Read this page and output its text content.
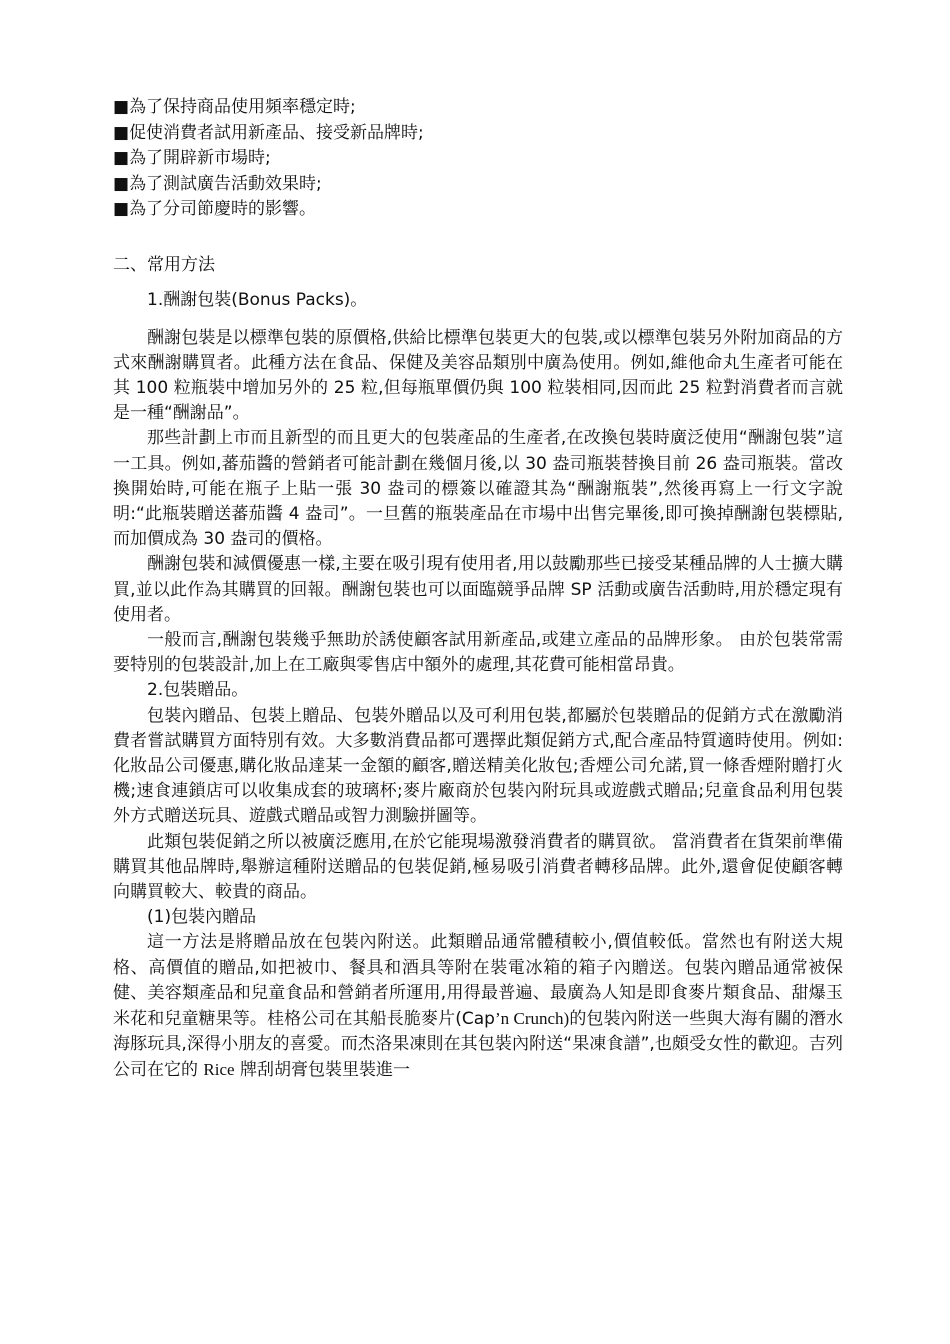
■為了保持商品使用頻率穩定時;

■促使消費者試用新產品、接受新品牌時;

■為了開辟新市場時;

■為了測試廣告活動效果時;

■為了分司節慶時的影響。

二、常用方法

1.酬謝包裝(Bonus Packs)。

酬謝包裝是以標準包裝的原價格,供給比標準包裝更大的包裝,或以標準包裝另外附加商品的方式來酬謝購買者。此種方法在食品、保健及美容品類別中廣為使用。例如,維他命丸生產者可能在其 100 粒瓶裝中增加另外的 25 粒,但每瓶單價仍與 100 粒裝相同,因而此 25 粒對消費者而言就是一種“酬謝品”。

那些計劃上市而且新型的而且更大的包裝產品的生產者,在改換包裝時廣泛使用“酬謝包裝”這一工具。例如,蕃茄醬的營銷者可能計劃在幾個月後,以 30 盎司瓶裝替換目前 26 盎司瓶裝。當改換開始時,可能在瓶子上貼一張 30 盎司的標簽以確證其為“酬謝瓶裝”,然後再寫上一行文字說明:“此瓶裝贈送蕃茄醬 4 盎司”。一旦舊的瓶裝產品在市場中出售完畢後,即可換掉酬謝包裝標貼,而加價成為 30 盎司的價格。

酬謝包裝和減價優惠一樣,主要在吸引現有使用者,用以鼓勵那些已接受某種品牌的人士擴大購買,並以此作為其購買的回報。酬謝包裝也可以面臨競爭品牌 SP 活動或廣告活動時,用於穩定現有使用者。

一般而言,酬謝包裝幾乎無助於誘使顧客試用新產品,或建立產品的品牌形象。 由於包裝常需要特別的包裝設計,加上在工廠與零售店中額外的處理,其花費可能相當昂貴。

2.包裝贈品。

包裝內贈品、包裝上贈品、包裝外贈品以及可利用包裝,都屬於包裝贈品的促銷方式在激勵消費者嘗試購買方面特別有效。大多數消費品都可選擇此類促銷方式,配合產品特質適時使用。例如:化妝品公司優惠,購化妝品達某一金額的顧客,贈送精美化妝包;香煙公司允諾,買一條香煙附贈打火機;速食連鎖店可以收集成套的玻璃杯;麥片廠商於包裝內附玩具或遊戲式贈品;兒童食品利用包裝外方式贈送玩具、遊戲式贈品或智力測驗拼圖等。

此類包裝促銷之所以被廣泛應用,在於它能現場激發消費者的購買欲。 當消費者在貨架前準備購買其他品牌時,舉辦這種附送贈品的包裝促銷,極易吸引消費者轉移品牌。此外,還會促使顧客轉向購買較大、較貴的商品。

(1)包裝內贈品

這一方法是將贈品放在包裝內附送。此類贈品通常體積較小,價值較低。當然也有附送大規格、高價值的贈品,如把被巾、餐具和酒具等附在裝電冰箱的箱子內贈送。包裝內贈品通常被保健、美容類產品和兒童食品和營銷者所運用,用得最普遍、最廣為人知是即食麥片類食品、甜爆玉米花和兒童糖果等。桂格公司在其船長脆麥片(Cap’n Crunch)的包裝內附送一些與大海有關的潛水海豚玩具,深得小朋友的喜愛。而杰洛果凍則在其包裝內附送“果凍食譜”,也頗受女性的歡迎。吉列公司在它的 Rice 牌刮胡膏包裝里裝進一
